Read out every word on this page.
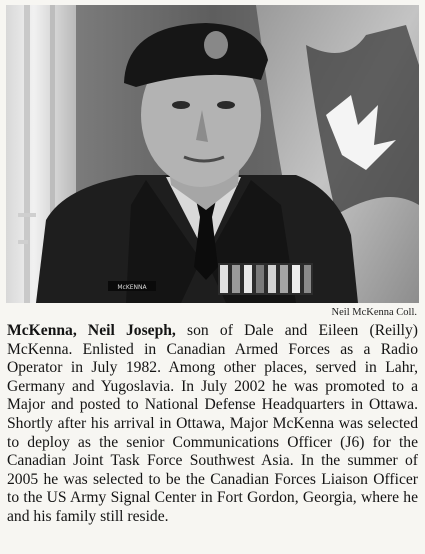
McKENNA
Neil McKenna Coll.
McKenna, Neil Joseph, son of Dale and Eileen (Reilly) McKenna. Enlisted in Canadian Armed Forces as a Radio Operator in July 1982. Among other places, served in Lahr, Germany and Yugoslavia. In July 2002 he was promoted to a Major and posted to National Defense Headquarters in Ottawa. Shortly after his arrival in Ottawa, Major McKenna was selected to deploy as the senior Communications Officer (J6) for the Canadian Joint Task Force Southwest Asia. In the summer of 2005 he was selected to be the Canadian Forces Liaison Officer to the US Army Signal Center in Fort Gordon, Georgia, where he and his family still reside.
